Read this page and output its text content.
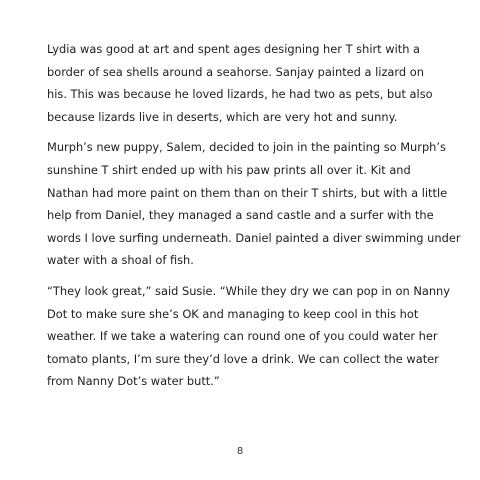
Lydia was good at art and spent ages designing her T shirt with a
border of sea shells around a seahorse. Sanjay painted a lizard on
his. This was because he loved lizards, he had two as pets, but also
because lizards live in deserts, which are very hot and sunny.

Murph’s new puppy, Salem, decided to join in the painting so Murph’s
sunshine T shirt ended up with his paw prints all over it. Kit and
Nathan had more paint on them than on their T shirts, but with a little
help from Daniel, they managed a sand castle and a surfer with the
words I love surfing underneath. Daniel painted a diver swimming under
water with a shoal of fish.

“They look great,” said Susie. “While they dry we can pop in on Nanny
Dot to make sure she’s OK and managing to keep cool in this hot
weather. If we take a watering can round one of you could water her
tomato plants, I’m sure they’d love a drink. We can collect the water
from Nanny Dot’s water butt.”

8
